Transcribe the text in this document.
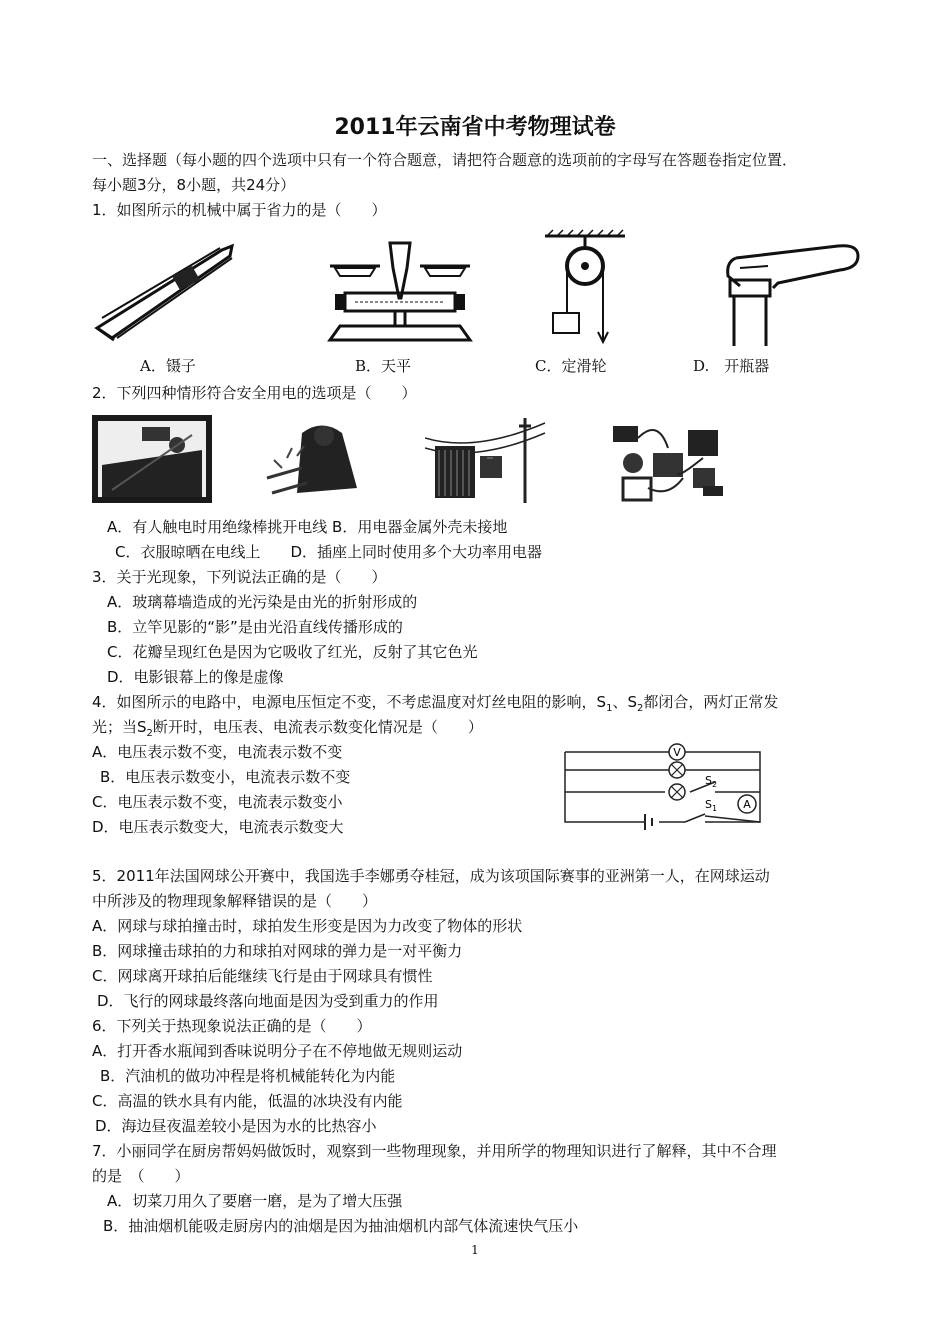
2011年云南省中考物理试卷
一、选择题（每小题的四个选项中只有一个符合题意，请把符合题意的选项前的字母写在答题卷指定位置．
每小题3分，8小题，共24分）
1．如图所示的机械中属于省力的是（　　）
A．镊子	B．天平	C．定滑轮	D.　开瓶器
2．下列四种情形符合安全用电的选项是（　　）
A．有人触电时用绝缘棒挑开电线 B．用电器金属外壳未接地
C．衣服晾晒在电线上　　D．插座上同时使用多个大功率用电器
3．关于光现象，下列说法正确的是（　　）
A．玻璃幕墙造成的光污染是由光的折射形成的
B．立竿见影的“影”是由光沿直线传播形成的
C．花瓣呈现红色是因为它吸收了红光，反射了其它色光
D．电影银幕上的像是虚像
4．如图所示的电路中，电源电压恒定不变，不考虑温度对灯丝电阻的影响，$S_1$、$S_2$都闭合，两灯正常发
光；当$S_2$断开时，电压表、电流表示数变化情况是（　　）
A．电压表示数不变，电流表示数不变
B．电压表示数变小，电流表示数不变
C．电压表示数不变，电流表示数变小
D．电压表示数变大，电流表示数变大
V
$S_2$
$S_1$ A
5．2011年法国网球公开赛中，我国选手李娜勇夺桂冠，成为该项国际赛事的亚洲第一人，在网球运动
中所涉及的物理现象解释错误的是（　　）
A．网球与球拍撞击时，球拍发生形变是因为力改变了物体的形状
B．网球撞击球拍的力和球拍对网球的弹力是一对平衡力
C．网球离开球拍后能继续飞行是由于网球具有惯性
D．飞行的网球最终落向地面是因为受到重力的作用
6．下列关于热现象说法正确的是（　　）
A．打开香水瓶闻到香味说明分子在不停地做无规则运动
B．汽油机的做功冲程是将机械能转化为内能
C．高温的铁水具有内能，低温的冰块没有内能
D．海边昼夜温差较小是因为水的比热容小
7．小丽同学在厨房帮妈妈做饭时，观察到一些物理现象，并用所学的物理知识进行了解释，其中不合理
的是　（　　）
A．切菜刀用久了要磨一磨，是为了增大压强
B．抽油烟机能吸走厨房内的油烟是因为抽油烟机内部气体流速快气压小
1
